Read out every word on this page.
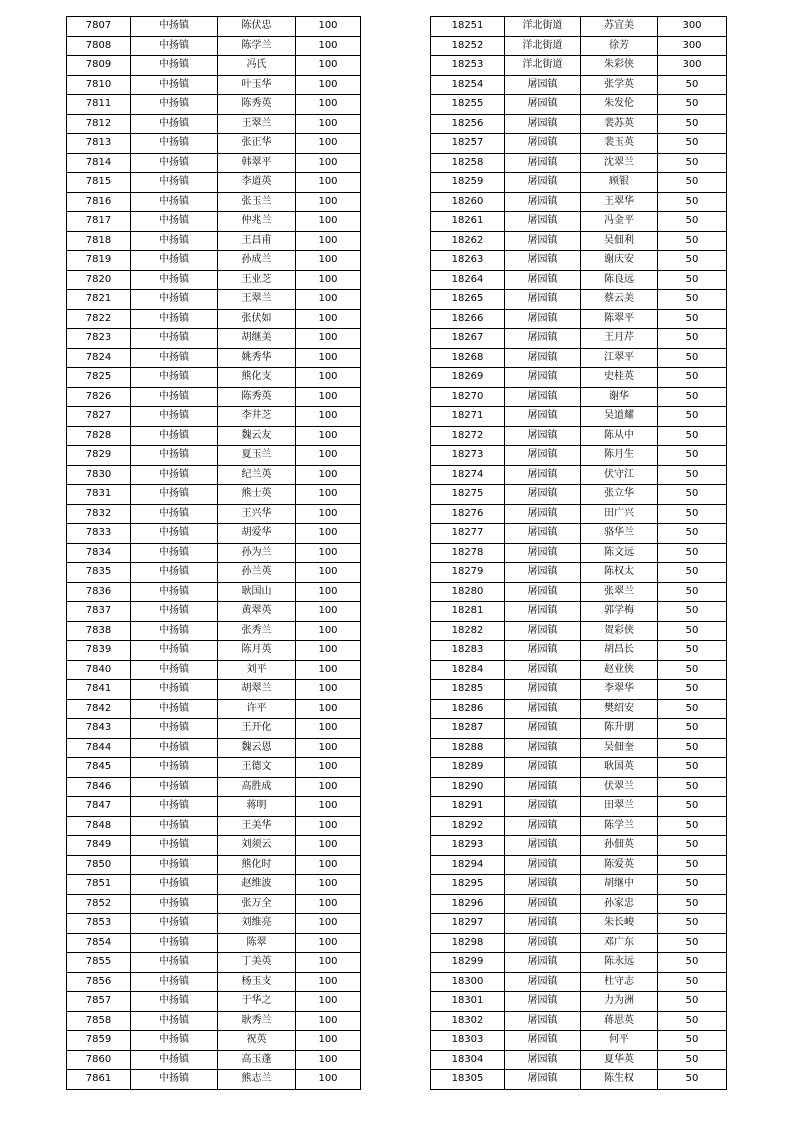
7807	中扬镇	陈伏忠	100
7808	中扬镇	陈学兰	100
7809	中扬镇	冯氏	100
7810	中扬镇	叶玉华	100
7811	中扬镇	陈秀英	100
7812	中扬镇	王翠兰	100
7813	中扬镇	张正华	100
7814	中扬镇	韩翠平	100
7815	中扬镇	李道英	100
7816	中扬镇	张玉兰	100
7817	中扬镇	仲兆兰	100
7818	中扬镇	王昌甫	100
7819	中扬镇	孙成兰	100
7820	中扬镇	王业芝	100
7821	中扬镇	王翠兰	100
7822	中扬镇	张伏如	100
7823	中扬镇	胡继美	100
7824	中扬镇	姚秀华	100
7825	中扬镇	熊化支	100
7826	中扬镇	陈秀英	100
7827	中扬镇	李井芝	100
7828	中扬镇	魏云友	100
7829	中扬镇	夏玉兰	100
7830	中扬镇	纪兰英	100
7831	中扬镇	熊士英	100
7832	中扬镇	王兴华	100
7833	中扬镇	胡爱华	100
7834	中扬镇	孙为兰	100
7835	中扬镇	孙兰英	100
7836	中扬镇	耿国山	100
7837	中扬镇	黄翠英	100
7838	中扬镇	张秀兰	100
7839	中扬镇	陈月英	100
7840	中扬镇	刘平	100
7841	中扬镇	胡翠兰	100
7842	中扬镇	许平	100
7843	中扬镇	王开化	100
7844	中扬镇	魏云恩	100
7845	中扬镇	王德文	100
7846	中扬镇	高胜成	100
7847	中扬镇	蒋明	100
7848	中扬镇	王美华	100
7849	中扬镇	刘须云	100
7850	中扬镇	熊化时	100
7851	中扬镇	赵维波	100
7852	中扬镇	张万全	100
7853	中扬镇	刘维亮	100
7854	中扬镇	陈翠	100
7855	中扬镇	丁美英	100
7856	中扬镇	杨玉支	100
7857	中扬镇	于华之	100
7858	中扬镇	耿秀兰	100
7859	中扬镇	祝英	100
7860	中扬镇	高玉蓬	100
7861	中扬镇	熊志兰	100
18251	洋北街道	苏宜美	300
18252	洋北街道	徐芳	300
18253	洋北街道	朱彩侠	300
18254	屠园镇	张学英	50
18255	屠园镇	朱发伦	50
18256	屠园镇	裴苏英	50
18257	屠园镇	裴玉英	50
18258	屠园镇	沈翠兰	50
18259	屠园镇	顾银	50
18260	屠园镇	王翠华	50
18261	屠园镇	冯金平	50
18262	屠园镇	吴佃利	50
18263	屠园镇	谢庆安	50
18264	屠园镇	陈良远	50
18265	屠园镇	蔡云美	50
18266	屠园镇	陈翠平	50
18267	屠园镇	王月芹	50
18268	屠园镇	江翠平	50
18269	屠园镇	史桂英	50
18270	屠园镇	谢华	50
18271	屠园镇	吴道耀	50
18272	屠园镇	陈从中	50
18273	屠园镇	陈月生	50
18274	屠园镇	伏守江	50
18275	屠园镇	张立华	50
18276	屠园镇	田广兴	50
18277	屠园镇	骆华兰	50
18278	屠园镇	陈文远	50
18279	屠园镇	陈权太	50
18280	屠园镇	张翠兰	50
18281	屠园镇	郭学梅	50
18282	屠园镇	贺彩侠	50
18283	屠园镇	胡昌长	50
18284	屠园镇	赵业侠	50
18285	屠园镇	李翠华	50
18286	屠园镇	樊绍安	50
18287	屠园镇	陈升朋	50
18288	屠园镇	吴佃奎	50
18289	屠园镇	耿国英	50
18290	屠园镇	伏翠兰	50
18291	屠园镇	田翠兰	50
18292	屠园镇	陈学兰	50
18293	屠园镇	孙佃英	50
18294	屠园镇	陈爱英	50
18295	屠园镇	胡继中	50
18296	屠园镇	孙家忠	50
18297	屠园镇	朱长峻	50
18298	屠园镇	邓广东	50
18299	屠园镇	陈永远	50
18300	屠园镇	杜守志	50
18301	屠园镇	力为洲	50
18302	屠园镇	蒋思英	50
18303	屠园镇	何平	50
18304	屠园镇	夏华英	50
18305	屠园镇	陈生权	50
